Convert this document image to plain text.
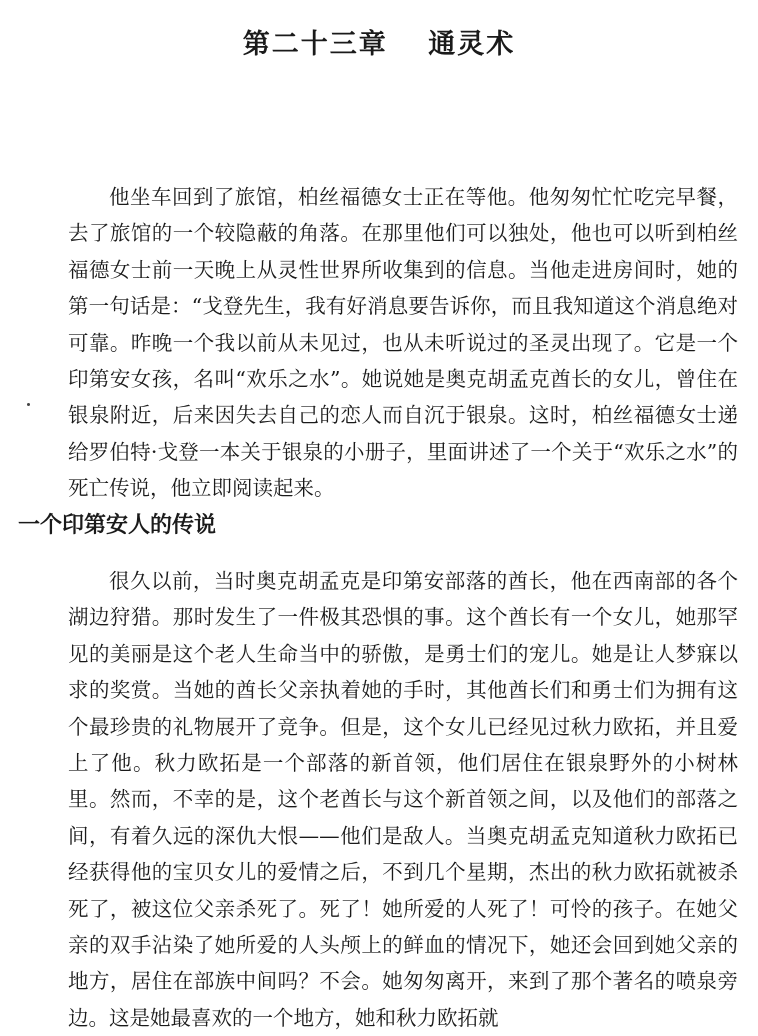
第二十三章　 通灵术

他坐车回到了旅馆，柏丝福德女士正在等他。他匆匆忙忙吃完早餐，去了旅馆的一个较隐蔽的角落。在那里他们可以独处，他也可以听到柏丝福德女士前一天晚上从灵性世界所收集到的信息。当他走进房间时，她的第一句话是：“戈登先生，我有好消息要告诉你，而且我知道这个消息绝对可靠。昨晚一个我以前从未见过，也从未听说过的圣灵出现了。它是一个印第安女孩，名叫“欢乐之水”。她说她是奥克胡孟克酋长的女儿，曾住在银泉附近，后来因失去自己的恋人而自沉于银泉。这时，柏丝福德女士递给罗伯特·戈登一本关于银泉的小册子，里面讲述了一个关于“欢乐之水”的死亡传说，他立即阅读起来。

一个印第安人的传说

很久以前，当时奥克胡孟克是印第安部落的酋长，他在西南部的各个湖边狩猎。那时发生了一件极其恐惧的事。这个酋长有一个女儿，她那罕见的美丽是这个老人生命当中的骄傲，是勇士们的宠儿。她是让人梦寐以求的奖赏。当她的酋长父亲执着她的手时，其他酋长们和勇士们为拥有这个最珍贵的礼物展开了竞争。但是，这个女儿已经见过秋力欧拓，并且爱上了他。秋力欧拓是一个部落的新首领，他们居住在银泉野外的小树林里。然而，不幸的是，这个老酋长与这个新首领之间，以及他们的部落之间，有着久远的深仇大恨——他们是敌人。当奥克胡孟克知道秋力欧拓已经获得他的宝贝女儿的爱情之后，不到几个星期，杰出的秋力欧拓就被杀死了，被这位父亲杀死了。死了！她所爱的人死了！可怜的孩子。在她父亲的双手沾染了她所爱的人头颅上的鲜血的情况下，她还会回到她父亲的地方，居住在部族中间吗？不会。她匆匆离开，来到了那个著名的喷泉旁边。这是她最喜欢的一个地方，她和秋力欧拓就
